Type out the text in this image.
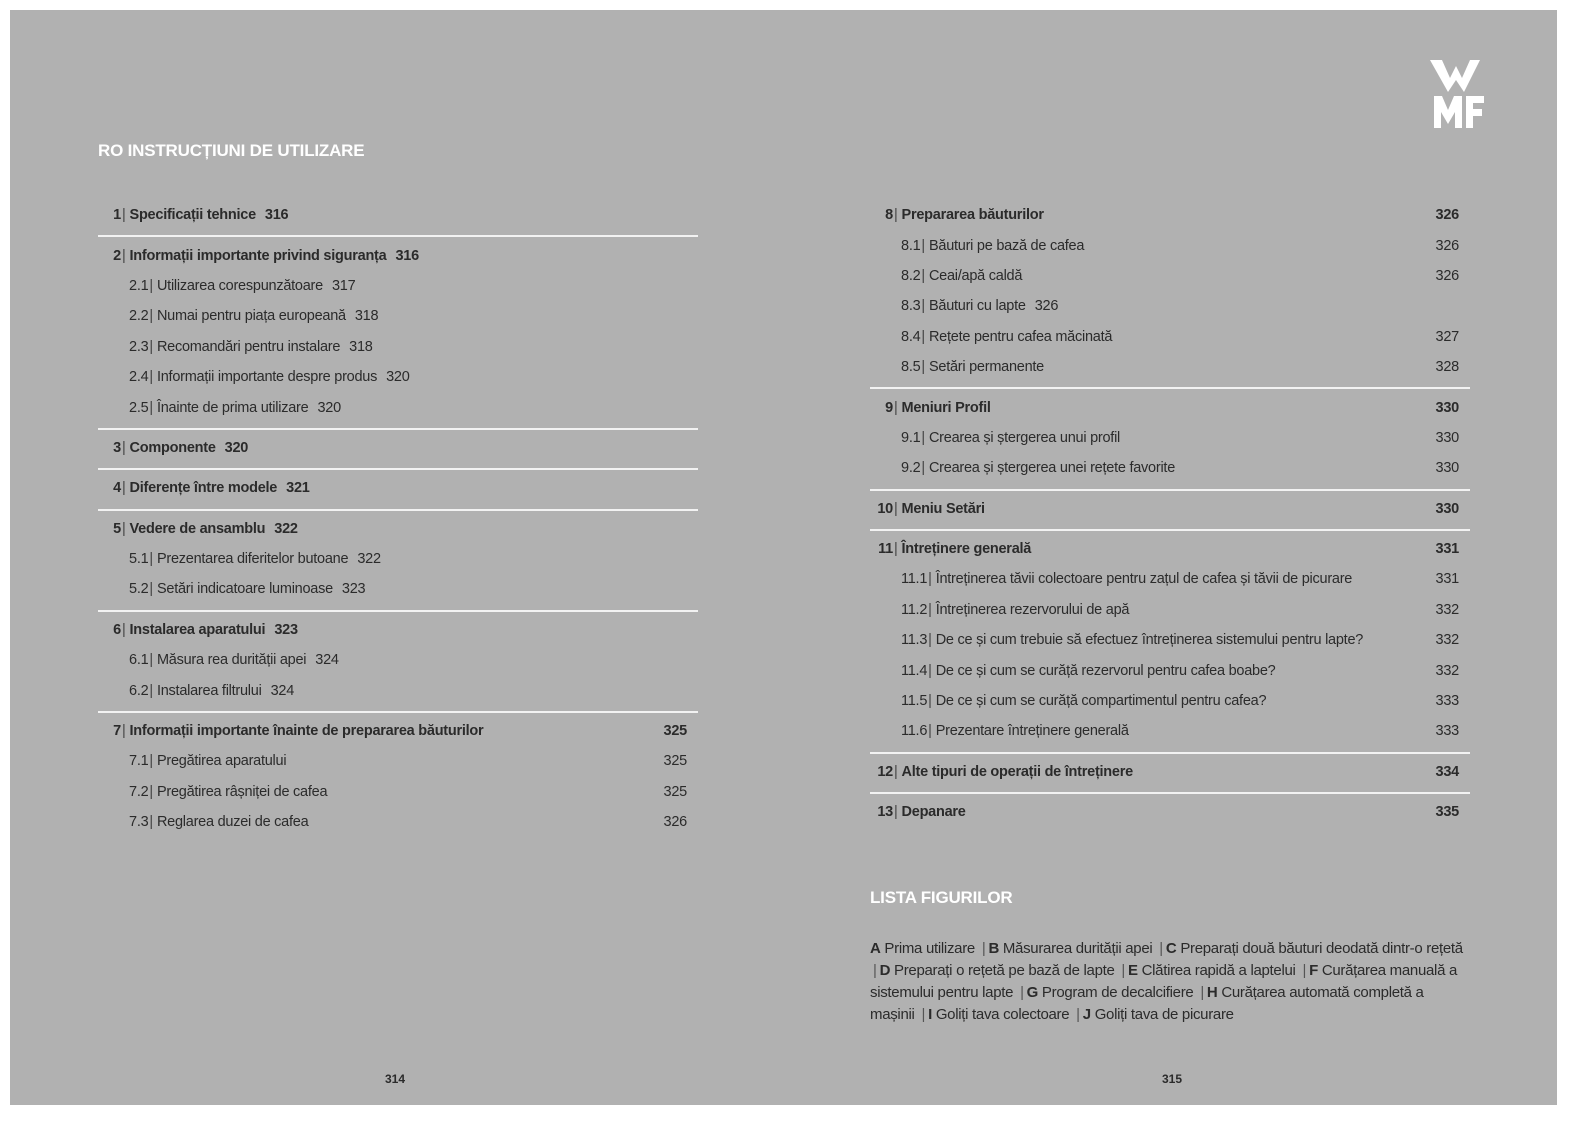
RO INSTRUCȚIUNI DE UTILIZARE
1 | Specificații tehnice 316
2 | Informații importante privind siguranța 316
2.1 | Utilizarea corespunzătoare 317
2.2 | Numai pentru piața europeană 318
2.3 | Recomandări pentru instalare 318
2.4 | Informații importante despre produs 320
2.5 | Înainte de prima utilizare 320
3 | Componente 320
4 | Diferențe între modele 321
5 | Vedere de ansamblu 322
5.1 | Prezentarea diferitelor butoane 322
5.2 | Setări indicatoare luminoase 323
6 | Instalarea aparatului 323
6.1 | Măsura rea durității apei 324
6.2 | Instalarea filtrului 324
7 | Informații importante înainte de prepararea băuturilor	325
7.1 | Pregătirea aparatului	325
7.2 | Pregătirea râșniței de cafea	325
7.3 | Reglarea duzei de cafea	326
8 | Prepararea băuturilor	326
8.1 | Băuturi pe bază de cafea	326
8.2 | Ceai/apă caldă	326
8.3 | Băuturi cu lapte 326
8.4 | Rețete pentru cafea măcinată	327
8.5 | Setări permanente	328
9 | Meniuri Profil	330
9.1 | Crearea și ștergerea unui profil	330
9.2 | Crearea și ștergerea unei rețete favorite	330
10 | Meniu Setări	330
11 | Întreținere generală	331
11.1 | Întreținerea tăvii colectoare pentru zațul de cafea și tăvii de picurare	331
11.2 | Întreținerea rezervorului de apă	332
11.3 | De ce și cum trebuie să efectuez întreținerea sistemului pentru lapte?	332
11.4 | De ce și cum se curăță rezervorul pentru cafea boabe?	332
11.5 | De ce și cum se curăță compartimentul pentru cafea?	333
11.6 | Prezentare întreținere generală	333
12 | Alte tipuri de operații de întreținere	334
13 | Depanare	335
LISTA FIGURILOR
A Prima utilizare | B Măsurarea durității apei | C Preparați două băuturi deodată dintr-o rețetă | D Preparați o rețetă pe bază de lapte | E Clătirea rapidă a laptelui | F Curățarea manuală a sistemului pentru lapte | G Program de decalcifiere | H Curățarea automată completă a mașinii | I Goliți tava colectoare | J Goliți tava de picurare
314	315
